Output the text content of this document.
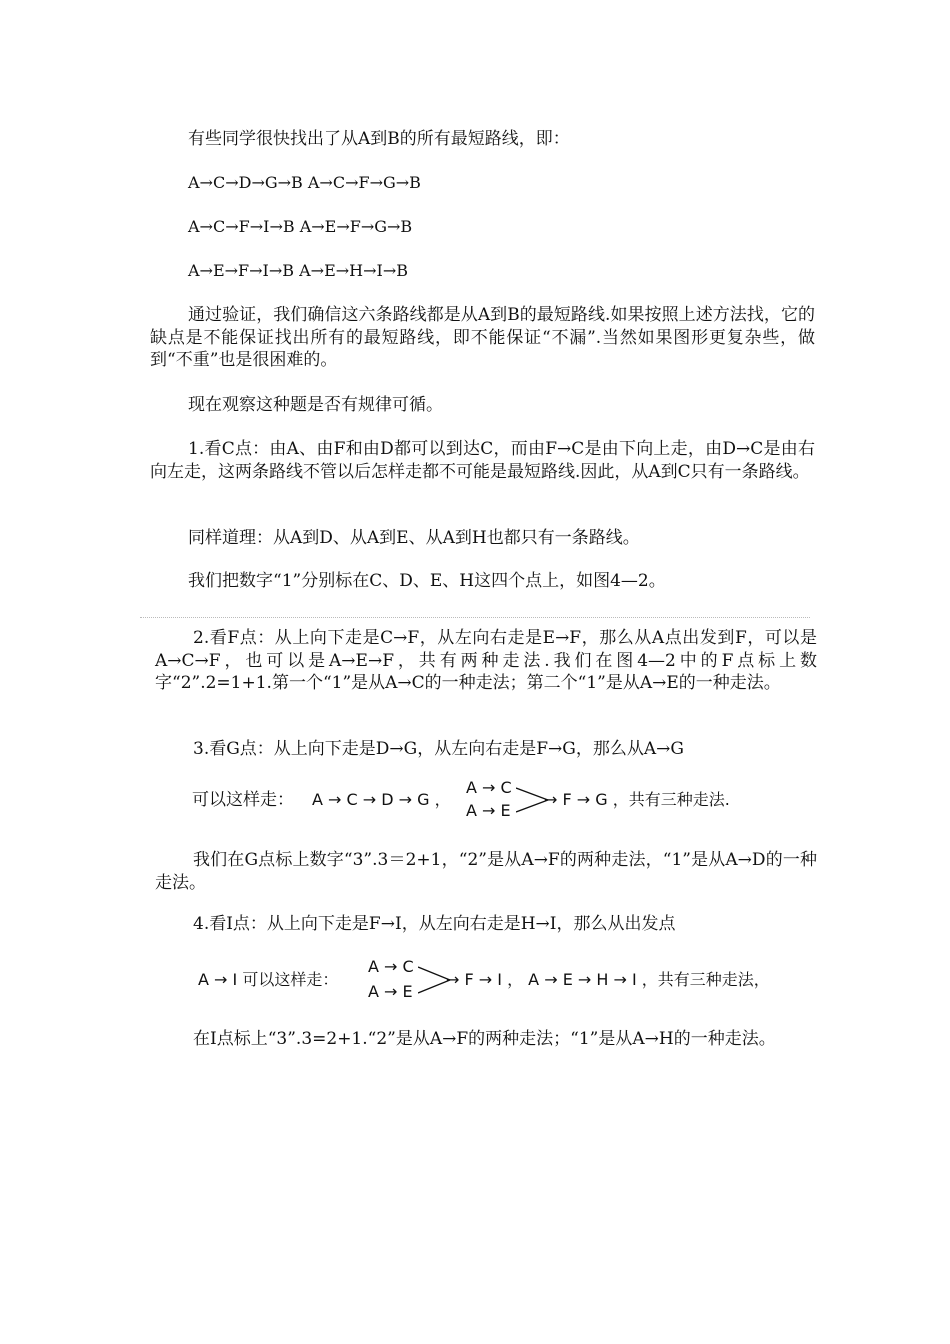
有些同学很快找出了从A到B的所有最短路线，即：
A→C→D→G→B A→C→F→G→B
A→C→F→I→B A→E→F→G→B
A→E→F→I→B A→E→H→I→B
通过验证，我们确信这六条路线都是从A到B的最短路线.如果按照上述方法找，它的缺点是不能保证找出所有的最短路线，即不能保证“不漏”.当然如果图形更复杂些，做到“不重”也是很困难的。
现在观察这种题是否有规律可循。
1.看C点：由A、由F和由D都可以到达C，而由F→C是由下向上走，由D→C是由右向左走，这两条路线不管以后怎样走都不可能是最短路线.因此，从A到C只有一条路线。
同样道理：从A到D、从A到E、从A到H也都只有一条路线。
我们把数字“1”分别标在C、D、E、H这四个点上，如图4—2。
2.看F点：从上向下走是C→F，从左向右走是E→F，那么从A点出发到F，可以是A→C→F，也可以是A→E→F，共有两种走法.我们在图4—2中的F点标上数字“2”.2=1+1.第一个“1”是从A→C的一种走法；第二个“1”是从A→E的一种走法。
3.看G点：从上向下走是D→G，从左向右走是F→G，那么从A→G
可以这样走： A → C → D → G ，
A → C
A → E
→ F → G ，共有三种走法.
我们在G点标上数字“3”.3＝2+1，“2”是从A→F的两种走法，“1”是从A→D的一种走法。
4.看I点：从上向下走是F→I，从左向右走是H→I，那么从出发点
A → I 可以这样走：
A → C
A → E
→ F → I ， A → E → H → I ，共有三种走法，
在I点标上“3”.3=2+1.“2”是从A→F的两种走法；“1”是从A→H的一种走法。
